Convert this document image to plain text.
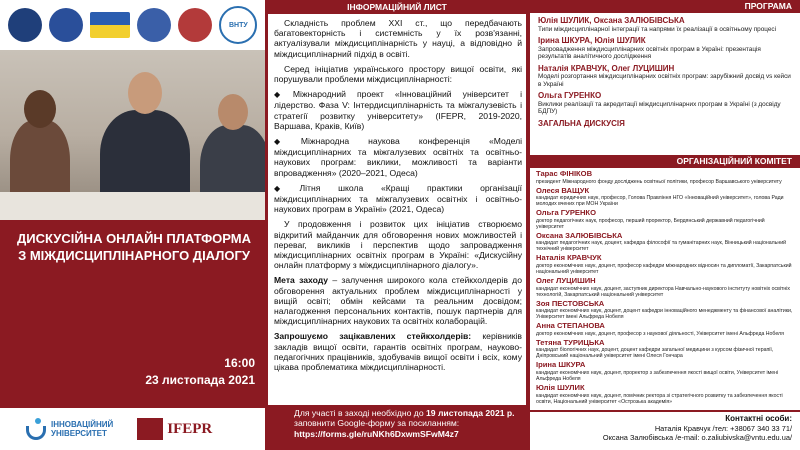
ВНТУ
ДИСКУСІЙНА ОНЛАЙН ПЛАТФОРМА З МІЖДИСЦИПЛІНАРНОГО ДІАЛОГУ
16:00
23 листопада 2021
ІННОВАЦІЙНИЙ
УНІВЕРСИТЕТ	IFEPR
ІНФОРМАЦІЙНИЙ ЛИСТ

Складність проблем XXI ст., що передбачають багатовекторність і системність у їх розв'язанні, актуалізували міждисциплінарність у науці, а відповідно й міждисциплінарний підхід в освіті.

Серед ініціатив українського простору вищої освіти, які порушували проблеми міждисциплінарності:

◆ Міжнародний проект «Інноваційний університет і лідерство. Фаза V: Інтердисциплінарність та міжгалузевість і стратегії розвитку університету» (IFEPR, 2019-2020, Варшава, Краків, Київ)

◆ Міжнародна наукова конференція «Моделі міждисциплінарних та міжгалузевих освітніх та освітньо-наукових програм: виклики, можливості та варіанти впровадження» (2020–2021, Одеса)

◆ Літня школа «Кращі практики організації міждисциплінарних та міжгалузевих освітніх і освітньо-наукових програм в Україні» (2021, Одеса)

У продовження і розвиток цих ініціатив створюємо відкритий майданчик для обговорення нових можливостей і переваг, викликів і перспектив щодо запровадження міждисциплінарних освітніх програм в Україні: «Дискусійну онлайн платформу з міждисциплінарного діалогу».

Мета заходу – залучення широкого кола стейкхолдерів до обговорення актуальних проблем міждисциплінарності у вищій освіті; обмін кейсами та реальним досвідом; налагодження персональних контактів, пошук партнерів для міждисциплінарних наукових та освітніх колаборацій.

Запрошуємо зацікавлених стейкхолдерів: керівників закладів вищої освіти, гарантів освітніх програм, науково-педагогічних працівників, здобувачів вищої освіти і всіх, кому цікава проблематика міждисциплінарності.

Для участі в заході необхідно до 19 листопада 2021 р.
заповнити Google-форму за посиланням:
https://forms.gle/ruNKh6DxwmSFwM4z7
ПРОГРАМА
Юлія ШУЛИК, Оксана ЗАЛЮБІВСЬКА
Типи міждисциплінарної інтеграції та напрями їх реалізації в освітньому процесі
Ірина ШКУРА, Юлія ШУЛИК
Запровадження міждисциплінарних освітніх програм в Україні: презентація результатів аналітичного дослідження
Наталія КРАВЧУК, Олег ЛУЦИШИН
Моделі розгортання міждисциплінарних освітніх програм: зарубіжний досвід vs кейси в Україні
Ольга ГУРЕНКО
Виклики реалізації та акредитації міждисциплінарних програм в Україні (з досвіду БДПУ)
ЗАГАЛЬНА ДИСКУСІЯ
ОРГАНІЗАЦІЙНИЙ КОМІТЕТ
Тарас ФІНІКОВ
президент Міжнародного фонду досліджень освітньої політики, професор Варшавського університету
Олеся ВАЩУК
кандидат юридичних наук, професор, Голова Правління НГО «Інноваційний університет», голова Ради молодих вчених при МОН України
Ольга ГУРЕНКО
доктор педагогічних наук, професор, перший проректор, Бердянський державний педагогічний університет
Оксана ЗАЛЮБІВСЬКА
кандидат педагогічних наук, доцент, кафедра філософії та гуманітарних наук, Вінницький національний технічний університет
Наталія КРАВЧУК
доктор економічних наук, доцент, професор кафедри міжнародних відносин та дипломатії, Закарпатський національний університет
Олег ЛУЦИШИН
кандидат економічних наук, доцент, заступник директора Навчально-наукового інституту новітніх освітніх технологій, Закарпатський національний університет
Зоя ПЕСТОВСЬКА
кандидат економічних наук, доцент, доцент кафедри інноваційного менеджменту та фінансової аналітики, Університет імені Альфреда Нобеля
Анна СТЕПАНОВА
доктор економічних наук, доцент, професор з наукової діяльності, Університет імені Альфреда Нобеля
Тетяна ТУРИЦЬКА
кандидат біологічних наук, доцент, доцент кафедри загальної медицини з курсом фізичної терапії, Дніпровський національний університет імені Олеся Гончара
Ірина ШКУРА
кандидат економічних наук, доцент, проректор з забезпечення якості вищої освіти, Університет імені Альфреда Нобеля
Юлія ШУЛИК
кандидат економічних наук, доцент, помічник ректора зі стратегічного розвитку та забезпечення якості освіти, Національний університет «Острозька академія»
Контактні особи:
Наталія Кравчук /тел: +38067 340 33 71/
Оксана Залюбівська /e-mail: o.zaliubivska@vntu.edu.ua/
